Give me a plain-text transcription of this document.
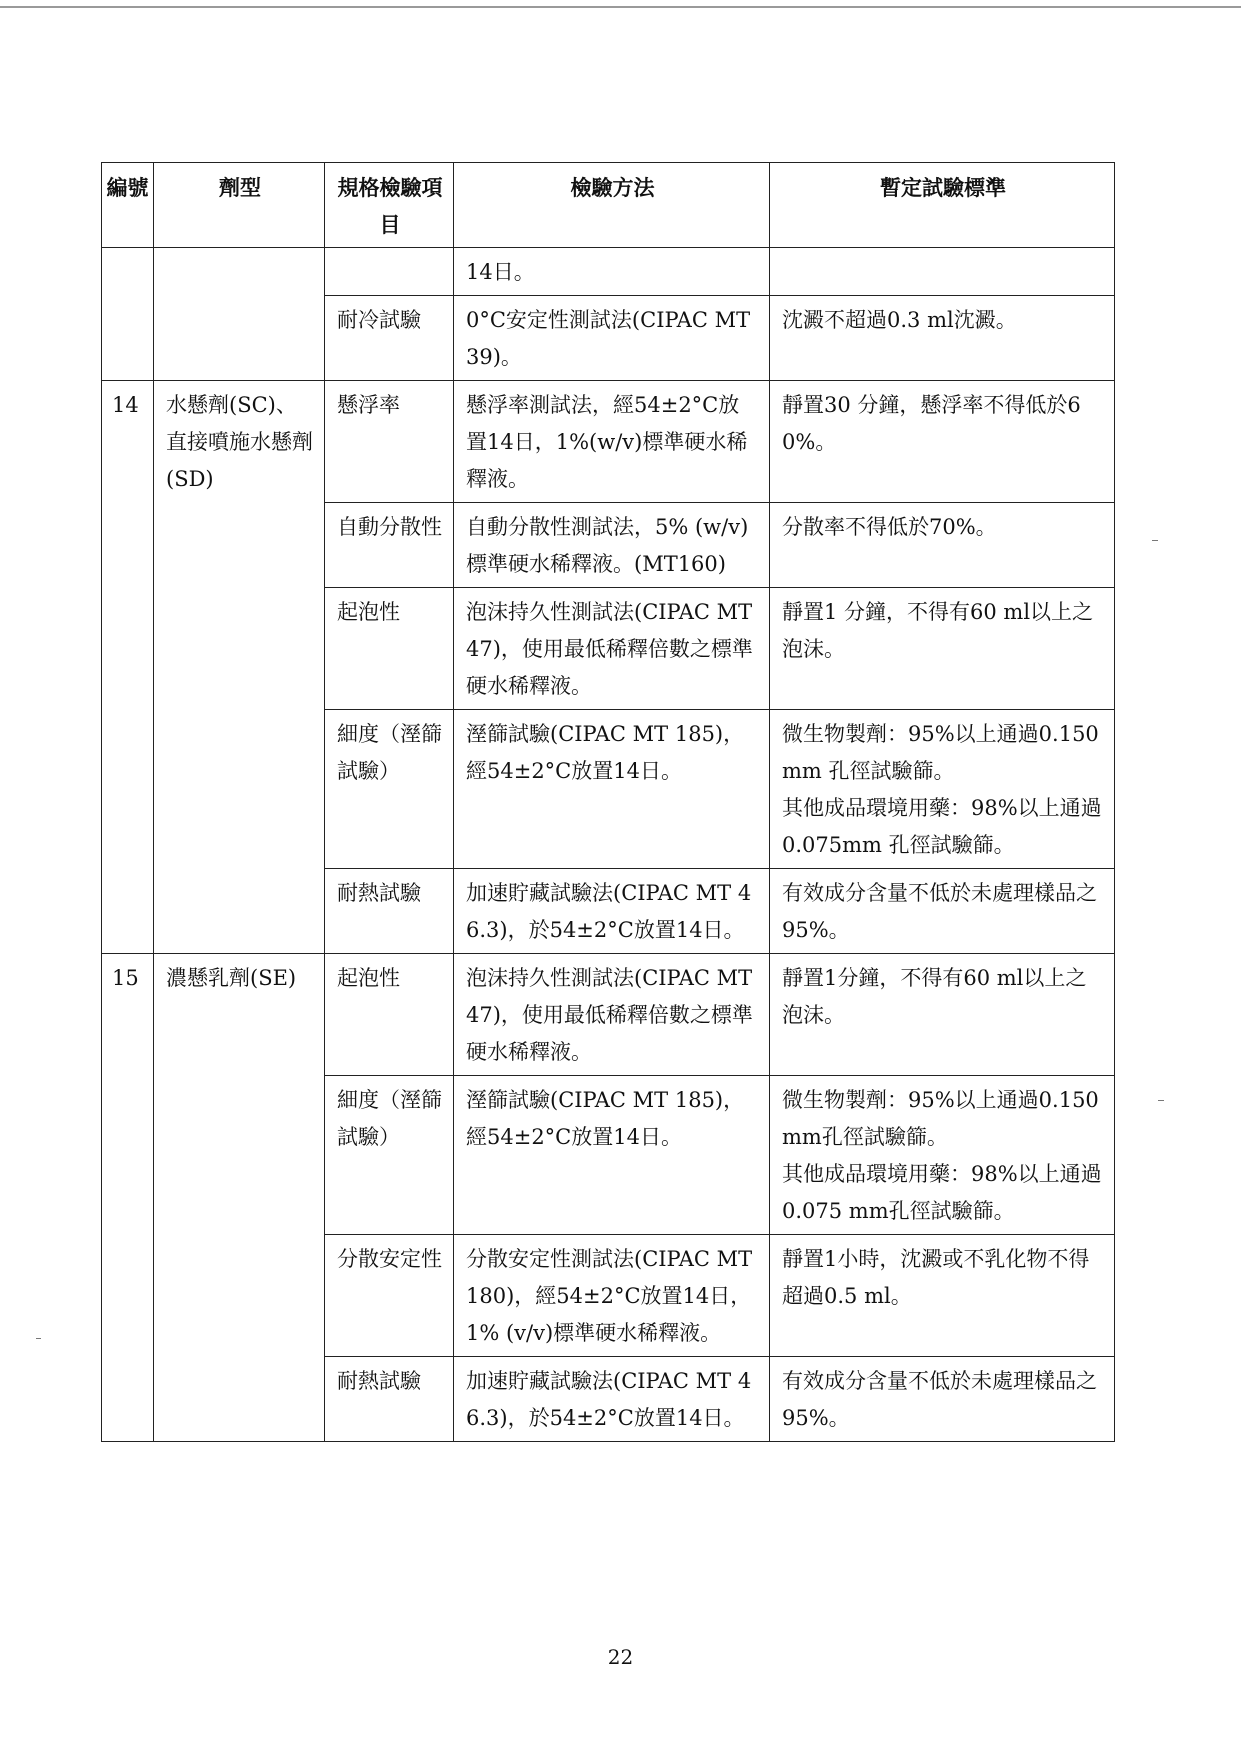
編號	劑型	規格檢驗項目	檢驗方法	暫定試驗標準
			14日。	
		耐冷試驗	0°C安定性測試法(CIPAC MT 39)。	沈澱不超過0.3 ml沈澱。
14	水懸劑(SC)、直接噴施水懸劑(SD)	懸浮率	懸浮率測試法，經54±2°C放置14日，1%(w/v)標準硬水稀釋液。	靜置30 分鐘，懸浮率不得低於60%。
		自動分散性	自動分散性測試法，5% (w/v)標準硬水稀釋液。(MT160)	分散率不得低於70%。
		起泡性	泡沫持久性測試法(CIPAC MT 47)，使用最低稀釋倍數之標準硬水稀釋液。	靜置1 分鐘，不得有60 ml以上之泡沫。
		細度（溼篩試驗）	溼篩試驗(CIPAC MT 185)，經54±2°C放置14日。	微生物製劑：95%以上通過0.150 mm 孔徑試驗篩。
其他成品環境用藥：98%以上通過 0.075mm 孔徑試驗篩。

		耐熱試驗	加速貯藏試驗法(CIPAC MT 46.3)，於54±2°C放置14日。	有效成分含量不低於未處理樣品之95%。
15	濃懸乳劑(SE)	起泡性	泡沫持久性測試法(CIPAC MT 47)，使用最低稀釋倍數之標準硬水稀釋液。	靜置1分鐘，不得有60 ml以上之泡沫。
		細度（溼篩試驗）	溼篩試驗(CIPAC MT 185)， 經54±2°C放置14日。	微生物製劑：95%以上通過0.150 mm孔徑試驗篩。
其他成品環境用藥：98%以上通過0.075 mm孔徑試驗篩。

		分散安定性	分散安定性測試法(CIPAC MT 180)，經54±2°C放置14日，1% (v/v)標準硬水稀釋液。	靜置1小時，沈澱或不乳化物不得超過0.5 ml。
		耐熱試驗	加速貯藏試驗法(CIPAC MT 46.3)，於54±2°C放置14日。	有效成分含量不低於未處理樣品之95%。
22
